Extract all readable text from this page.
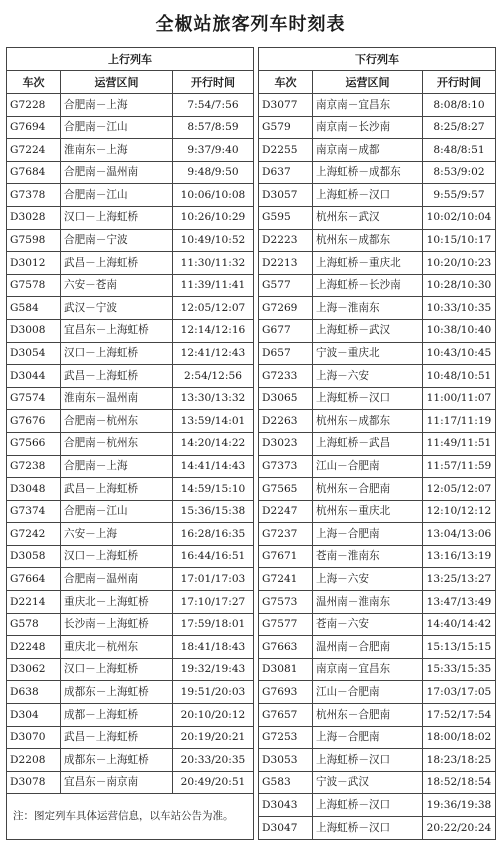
全椒站旅客列车时刻表
上行列车				下行列车		
车次	运营区间	开行时间		车次	运营区间	开行时间
G7228	合肥南－上海	7:54/7:56		D3077	南京南－宜昌东	8:08/8:10
G7694	合肥南－江山	8:57/8:59		G579	南京南－长沙南	8:25/8:27
G7224	淮南东－上海	9:37/9:40		D2255	南京南－成都	8:48/8:51
G7684	合肥南－温州南	9:48/9:50		D637	上海虹桥－成都东	8:53/9:02
G7378	合肥南－江山	10:06/10:08		D3057	上海虹桥－汉口	9:55/9:57
D3028	汉口－上海虹桥	10:26/10:29		G595	杭州东－武汉	10:02/10:04
G7598	合肥南－宁波	10:49/10:52		D2223	杭州东－成都东	10:15/10:17
D3012	武昌－上海虹桥	11:30/11:32		D2213	上海虹桥－重庆北	10:20/10:23
G7578	六安－苍南	11:39/11:41		G577	上海虹桥－长沙南	10:28/10:30
G584	武汉－宁波	12:05/12:07		G7269	上海－淮南东	10:33/10:35
D3008	宜昌东－上海虹桥	12:14/12:16		G677	上海虹桥－武汉	10:38/10:40
D3054	汉口－上海虹桥	12:41/12:43		D657	宁波－重庆北	10:43/10:45
D3044	武昌－上海虹桥	2:54/12:56		G7233	上海－六安	10:48/10:51
G7574	淮南东－温州南	13:30/13:32		D3065	上海虹桥－汉口	11:00/11:07
G7676	合肥南－杭州东	13:59/14:01		D2263	杭州东－成都东	11:17/11:19
G7566	合肥南－杭州东	14:20/14:22		D3023	上海虹桥－武昌	11:49/11:51
G7238	合肥南－上海	14:41/14:43		G7373	江山－合肥南	11:57/11:59
D3048	武昌－上海虹桥	14:59/15:10		G7565	杭州东－合肥南	12:05/12:07
G7374	合肥南－江山	15:36/15:38		D2247	杭州东－重庆北	12:10/12:12
G7242	六安－上海	16:28/16:35		G7237	上海－合肥南	13:04/13:06
D3058	汉口－上海虹桥	16:44/16:51		G7671	苍南－淮南东	13:16/13:19
G7664	合肥南－温州南	17:01/17:03		G7241	上海－六安	13:25/13:27
D2214	重庆北－上海虹桥	17:10/17:27		G7573	温州南－淮南东	13:47/13:49
G578	长沙南－上海虹桥	17:59/18:01		G7577	苍南－六安	14:40/14:42
D2248	重庆北－杭州东	18:41/18:43		G7663	温州南－合肥南	15:13/15:15
D3062	汉口－上海虹桥	19:32/19:43		D3081	南京南－宜昌东	15:33/15:35
D638	成都东－上海虹桥	19:51/20:03		G7693	江山－合肥南	17:03/17:05
D304	成都－上海虹桥	20:10/20:12		G7657	杭州东－合肥南	17:52/17:54
D3070	武昌－上海虹桥	20:19/20:21		G7253	上海－合肥南	18:00/18:02
D2208	成都东－上海虹桥	20:33/20:35		D3053	上海虹桥－汉口	18:23/18:25
D3078	宜昌东－南京南	20:49/20:51		G583	宁波－武汉	18:52/18:54
注：图定列车具体运营信息，以车站公告为准。				D3043	上海虹桥－汉口	19:36/19:38
				D3047	上海虹桥－汉口	20:22/20:24
